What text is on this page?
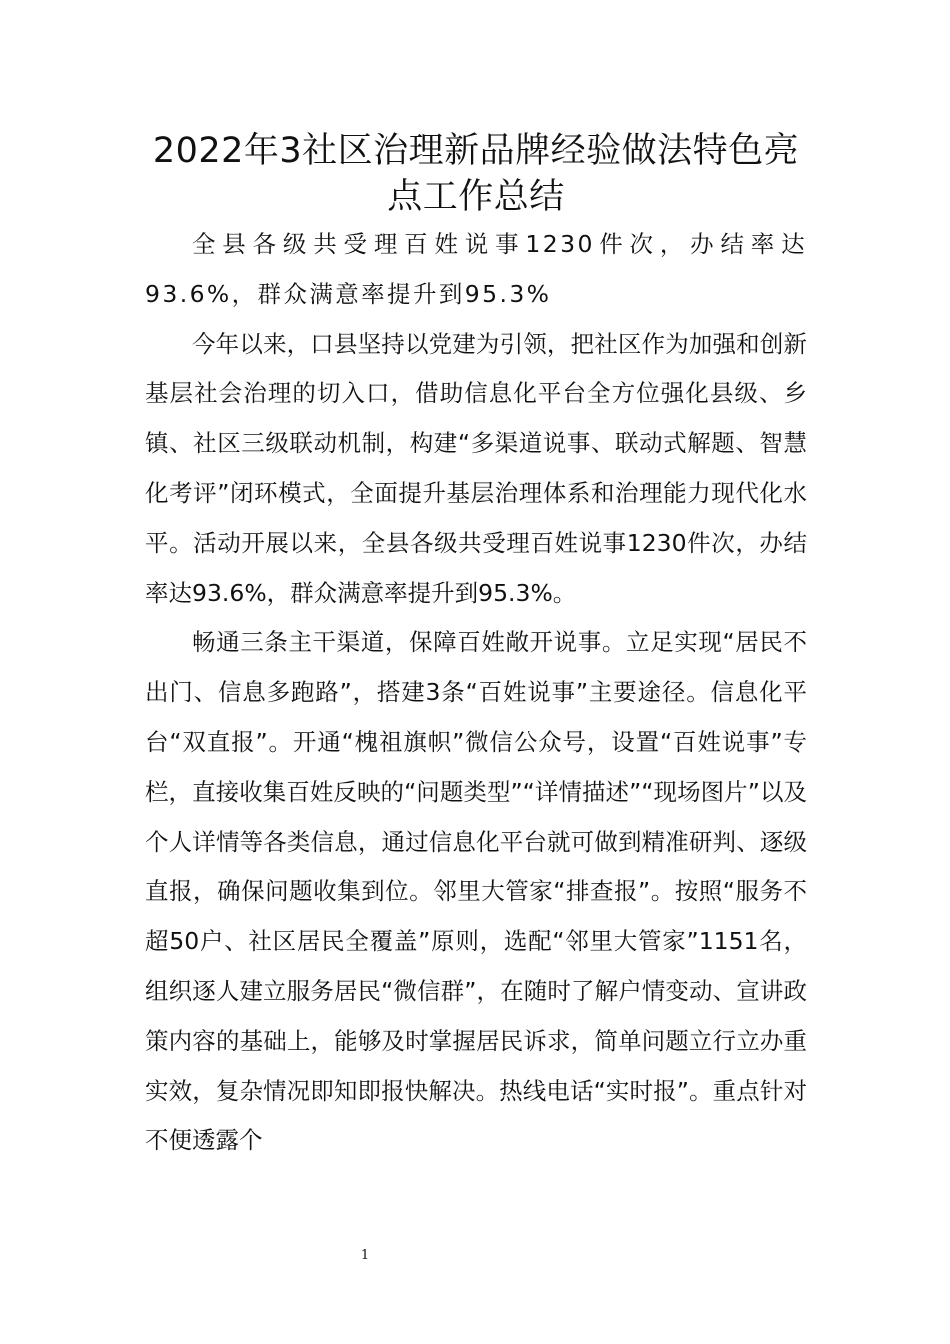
2022年3社区治理新品牌经验做法特色亮点工作总结

全县各级共受理百姓说事1230件次，办结率达93.6%，群众满意率提升到95.3%

今年以来，口县坚持以党建为引领，把社区作为加强和创新基层社会治理的切入口，借助信息化平台全方位强化县级、乡镇、社区三级联动机制，构建“多渠道说事、联动式解题、智慧化考评”闭环模式，全面提升基层治理体系和治理能力现代化水平。活动开展以来，全县各级共受理百姓说事1230件次，办结率达93.6%，群众满意率提升到95.3%。

畅通三条主干渠道，保障百姓敞开说事。立足实现“居民不出门、信息多跑路”，搭建3条“百姓说事”主要途径。信息化平台“双直报”。开通“槐祖旗帜”微信公众号，设置“百姓说事”专栏，直接收集百姓反映的“问题类型”“详情描述”“现场图片”以及个人详情等各类信息，通过信息化平台就可做到精准研判、逐级直报，确保问题收集到位。邻里大管家“排查报”。按照“服务不超50户、社区居民全覆盖”原则，选配“邻里大管家”1151名，组织逐人建立服务居民“微信群”，在随时了解户情变动、宣讲政策内容的基础上，能够及时掌握居民诉求，简单问题立行立办重实效，复杂情况即知即报快解决。热线电话“实时报”。重点针对不便透露个

1
